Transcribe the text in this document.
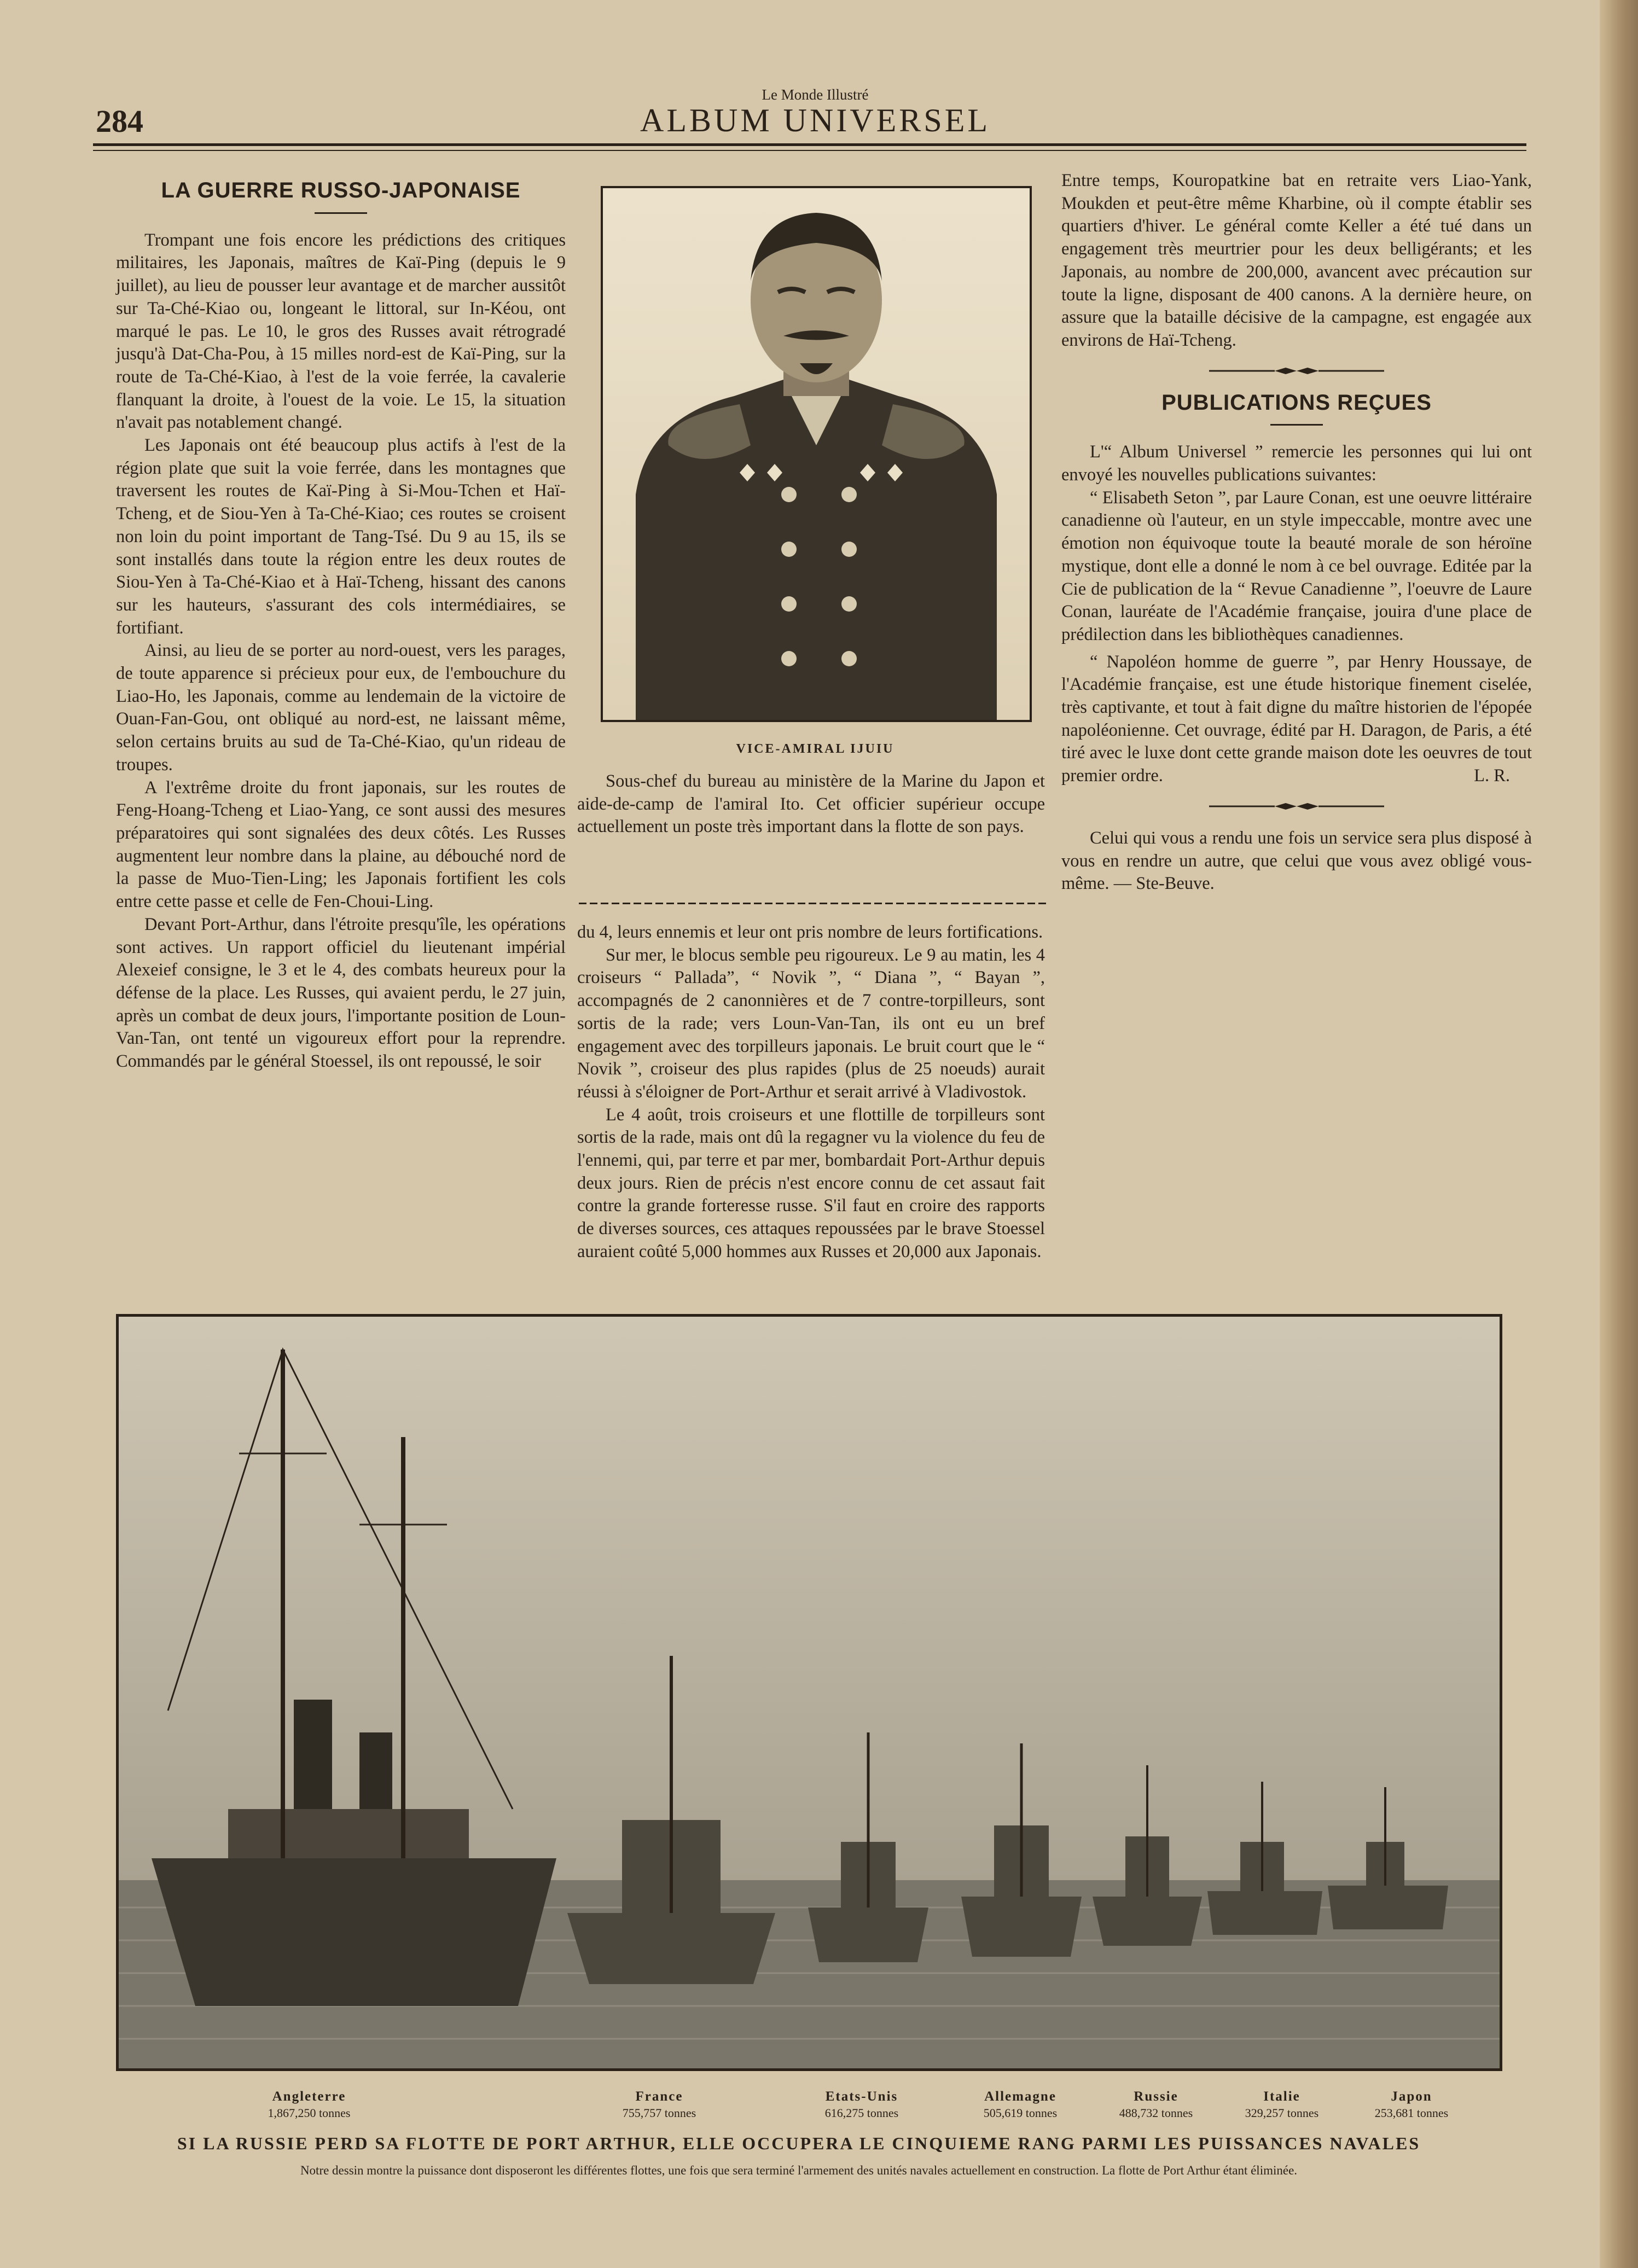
284
Le Monde Illustré
ALBUM UNIVERSEL
LA GUERRE RUSSO-JAPONAISE

Trompant une fois encore les prédictions des critiques militaires, les Japonais, maîtres de Kaï-Ping (depuis le 9 juillet), au lieu de pousser leur avantage et de marcher aussitôt sur Ta-Ché-Kiao ou, longeant le littoral, sur In-Kéou, ont marqué le pas. Le 10, le gros des Russes avait rétrogradé jusqu'à Dat-Cha-Pou, à 15 milles nord-est de Kaï-Ping, sur la route de Ta-Ché-Kiao, à l'est de la voie ferrée, la cavalerie flanquant la droite, à l'ouest de la voie. Le 15, la situation n'avait pas notablement changé.

Les Japonais ont été beaucoup plus actifs à l'est de la région plate que suit la voie ferrée, dans les montagnes que traversent les routes de Kaï-Ping à Si-Mou-Tchen et Haï-Tcheng, et de Siou-Yen à Ta-Ché-Kiao; ces routes se croisent non loin du point important de Tang-Tsé. Du 9 au 15, ils se sont installés dans toute la région entre les deux routes de Siou-Yen à Ta-Ché-Kiao et à Haï-Tcheng, hissant des canons sur les hauteurs, s'assurant des cols intermédiaires, se fortifiant.

Ainsi, au lieu de se porter au nord-ouest, vers les parages, de toute apparence si précieux pour eux, de l'embouchure du Liao-Ho, les Japonais, comme au lendemain de la victoire de Ouan-Fan-Gou, ont obliqué au nord-est, ne laissant même, selon certains bruits au sud de Ta-Ché-Kiao, qu'un rideau de troupes.

A l'extrême droite du front japonais, sur les routes de Feng-Hoang-Tcheng et Liao-Yang, ce sont aussi des mesures préparatoires qui sont signalées des deux côtés. Les Russes augmentent leur nombre dans la plaine, au débouché nord de la passe de Muo-Tien-Ling; les Japonais fortifient les cols entre cette passe et celle de Fen-Choui-Ling.

Devant Port-Arthur, dans l'étroite presqu'île, les opérations sont actives. Un rapport officiel du lieutenant impérial Alexeief consigne, le 3 et le 4, des combats heureux pour la défense de la place. Les Russes, qui avaient perdu, le 27 juin, après un combat de deux jours, l'importante position de Loun-Van-Tan, ont tenté un vigoureux effort pour la reprendre. Commandés par le général Stoessel, ils ont repoussé, le soir

VICE-AMIRAL IJUIU

Sous-chef du bureau au ministère de la Marine du Japon et aide-de-camp de l'amiral Ito. Cet officier supérieur occupe actuellement un poste très important dans la flotte de son pays.

du 4, leurs ennemis et leur ont pris nombre de leurs fortifications.

Sur mer, le blocus semble peu rigoureux. Le 9 au matin, les 4 croiseurs “ Pallada”, “ Novik ”, “ Diana ”, “ Bayan ”, accompagnés de 2 canonnières et de 7 contre-torpilleurs, sont sortis de la rade; vers Loun-Van-Tan, ils ont eu un bref engagement avec des torpilleurs japonais. Le bruit court que le “ Novik ”, croiseur des plus rapides (plus de 25 noeuds) aurait réussi à s'éloigner de Port-Arthur et serait arrivé à Vladivostok.

Le 4 août, trois croiseurs et une flottille de torpilleurs sont sortis de la rade, mais ont dû la regagner vu la violence du feu de l'ennemi, qui, par terre et par mer, bombardait Port-Arthur depuis deux jours. Rien de précis n'est encore connu de cet assaut fait contre la grande forteresse russe. S'il faut en croire des rapports de diverses sources, ces attaques repoussées par le brave Stoessel auraient coûté 5,000 hommes aux Russes et 20,000 aux Japonais.

Entre temps, Kouropatkine bat en retraite vers Liao-Yank, Moukden et peut-être même Kharbine, où il compte établir ses quartiers d'hiver. Le général comte Keller a été tué dans un engagement très meurtrier pour les deux belligérants; et les Japonais, au nombre de 200,000, avancent avec précaution sur toute la ligne, disposant de 400 canons. A la dernière heure, on assure que la bataille décisive de la campagne, est engagée aux environs de Haï-Tcheng.

PUBLICATIONS REÇUES

L'“ Album Universel ” remercie les personnes qui lui ont envoyé les nouvelles publications suivantes:

“ Elisabeth Seton ”, par Laure Conan, est une oeuvre littéraire canadienne où l'auteur, en un style impeccable, montre avec une émotion non équivoque toute la beauté morale de son héroïne mystique, dont elle a donné le nom à ce bel ouvrage. Editée par la Cie de publication de la “ Revue Canadienne ”, l'oeuvre de Laure Conan, lauréate de l'Académie française, jouira d'une place de prédilection dans les bibliothèques canadiennes.

“ Napoléon homme de guerre ”, par Henry Houssaye, de l'Académie française, est une étude historique finement ciselée, très captivante, et tout à fait digne du maître historien de l'épopée napoléonienne. Cet ouvrage, édité par H. Daragon, de Paris, a été tiré avec le luxe dont cette grande maison dote les oeuvres de tout premier ordre.	L. R.

Celui qui vous a rendu une fois un service sera plus disposé à vous en rendre un autre, que celui que vous avez obligé vous-même. — Ste-Beuve.

Angleterre
1,867,250 tonnes
France
755,757 tonnes
Etats-Unis
616,275 tonnes
Allemagne
505,619 tonnes
Russie
488,732 tonnes
Italie
329,257 tonnes
Japon
253,681 tonnes
SI LA RUSSIE PERD SA FLOTTE DE PORT ARTHUR, ELLE OCCUPERA LE CINQUIEME RANG PARMI LES PUISSANCES NAVALES
Notre dessin montre la puissance dont disposeront les différentes flottes, une fois que sera terminé l'armement des unités navales actuellement en construction. La flotte de Port Arthur étant éliminée.
